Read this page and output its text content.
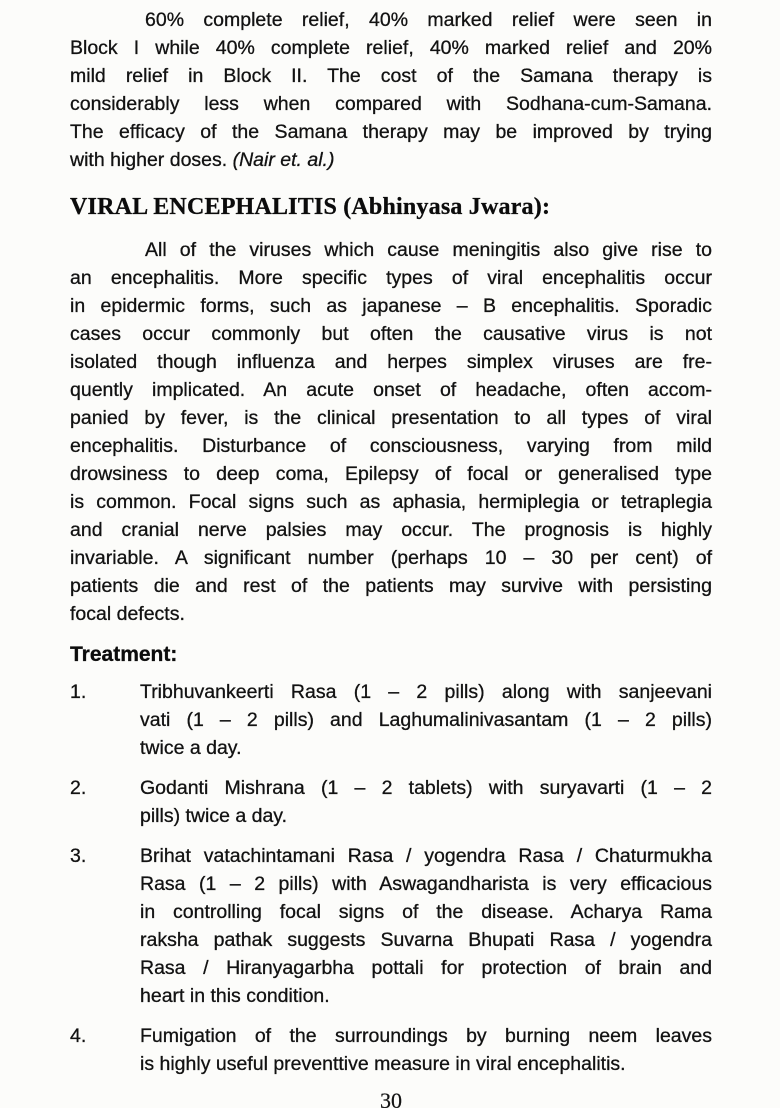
60% complete relief, 40% marked relief were seen in
Block I while 40% complete relief, 40% marked relief and 20%
mild relief in Block II. The cost of the Samana therapy is
considerably less when compared with Sodhana-cum-Samana.
The efficacy of the Samana therapy may be improved by trying
with higher doses. (Nair et. al.)
VIRAL ENCEPHALITIS (Abhinyasa Jwara):
All of the viruses which cause meningitis also give rise to
an encephalitis. More specific types of viral encephalitis occur
in epidermic forms, such as japanese – B encephalitis. Sporadic
cases occur commonly but often the causative virus is not
isolated though influenza and herpes simplex viruses are fre-
quently implicated. An acute onset of headache, often accom-
panied by fever, is the clinical presentation to all types of viral
encephalitis. Disturbance of consciousness, varying from mild
drowsiness to deep coma, Epilepsy of focal or generalised type
is common. Focal signs such as aphasia, hermiplegia or tetraplegia
and cranial nerve palsies may occur. The prognosis is highly
invariable. A significant number (perhaps 10 – 30 per cent) of
patients die and rest of the patients may survive with persisting
focal defects.
Treatment:
1.	Tribhuvankeerti Rasa (1 – 2 pills) along with sanjeevani
vati (1 – 2 pills) and Laghumalinivasantam (1 – 2 pills)
twice a day.
2.	Godanti Mishrana (1 – 2 tablets) with suryavarti (1 – 2
pills) twice a day.
3.	Brihat vatachintamani Rasa / yogendra Rasa / Chaturmukha
Rasa (1 – 2 pills) with Aswagandharista is very efficacious
in controlling focal signs of the disease. Acharya Rama
raksha pathak suggests Suvarna Bhupati Rasa / yogendra
Rasa / Hiranyagarbha pottali for protection of brain and
heart in this condition.
4.	Fumigation of the surroundings by burning neem leaves
is highly useful preventtive measure in viral encephalitis.
30
